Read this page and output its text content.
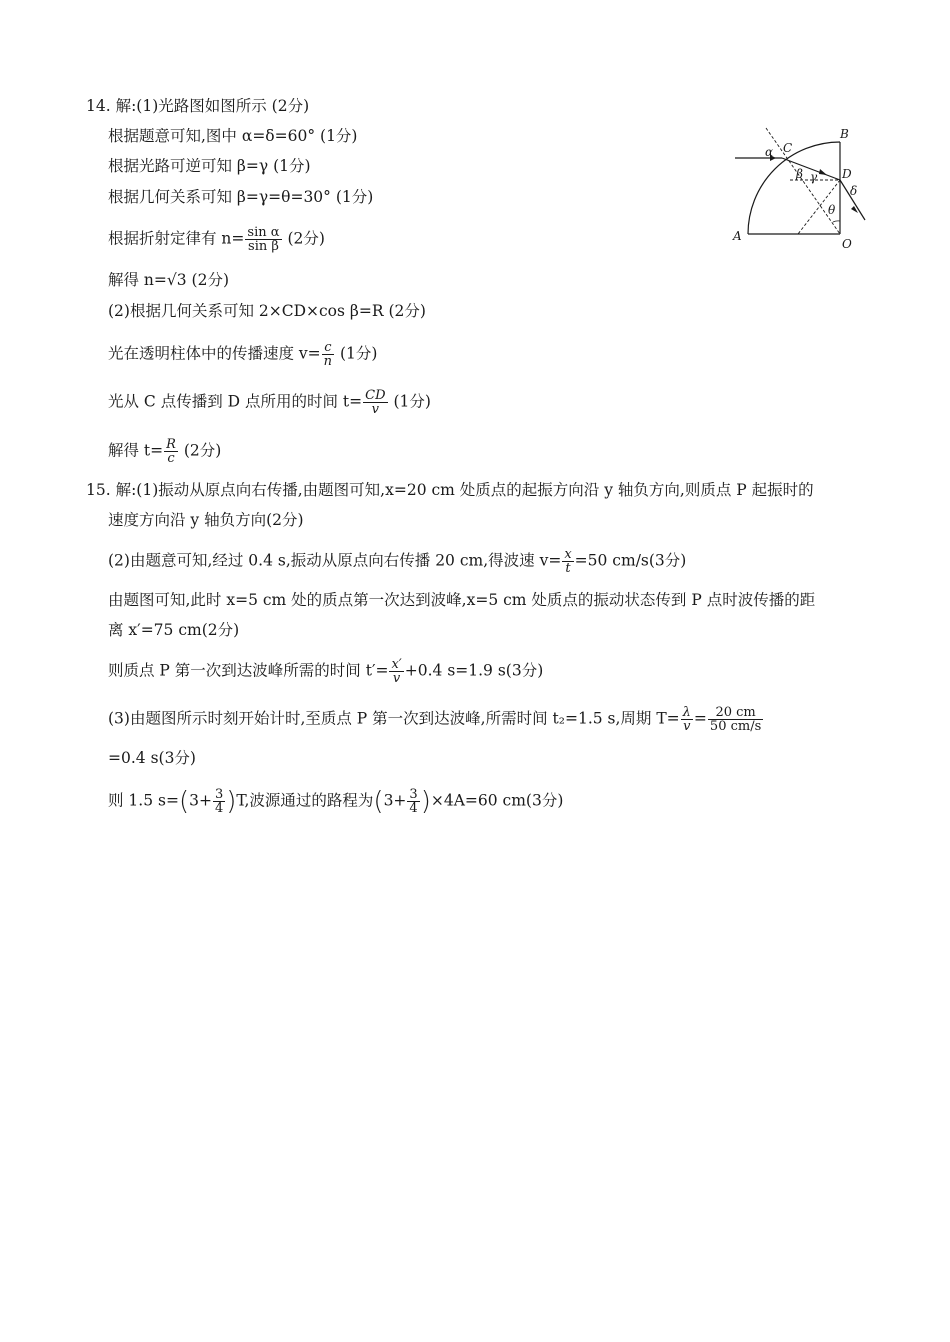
14. 解:(1)光路图如图所示 (2分)
根据题意可知,图中 α=δ=60° (1分)
根据光路可逆可知 β=γ (1分)
根据几何关系可知 β=γ=θ=30° (1分)
根据折射定律有 $n= \frac{\text{sin α}}{\text{sin β}} (2$分)
解得 n=√3 (2分)
(2)根据几何关系可知 2×CD×cos β=R (2分)
光在透明柱体中的传播速度 $v= \frac{c}{n} (1$分)
光从 C 点传播到 D 点所用的时间 $t= \frac{CD}{v} (1$分)
解得 $t= \frac{R}{c} (2$分)
A
B
C
D
O
α
β γ
δ
θ
15. 解:(1)振动从原点向右传播,由题图可知,x=20 cm 处质点的起振方向沿 y 轴负方向,则质点 P 起振时的
速度方向沿 y 轴负方向(2分)
(2)由题意可知,经过 0.4 s,振动从原点向右传播 20 cm,得波速 $v= \frac{x}{t} =50$ cm/s(3分)
由题图可知,此时 x=5 cm 处的质点第一次达到波峰,x=5 cm 处质点的振动状态传到 P 点时波传播的距
离 x′=75 cm(2分)
则质点 P 第一次到达波峰所需的时间 $t'= \frac{x'}{v} +0.4$ s=1.9 s(3分)
(3)由题图所示时刻开始计时,至质点 P 第一次到达波峰,所需时间 t₂=1.5 s,周期 $T= \frac{\lambda}{v} = \frac{20 cm}{50 cm/s}$
=0.4 s(3分)
则 1.5 $s=(3+ \frac{3}{4} )T$,波源通过的路程为$(3+ \frac{3}{4} )\times 4A=60$ cm(3分)
